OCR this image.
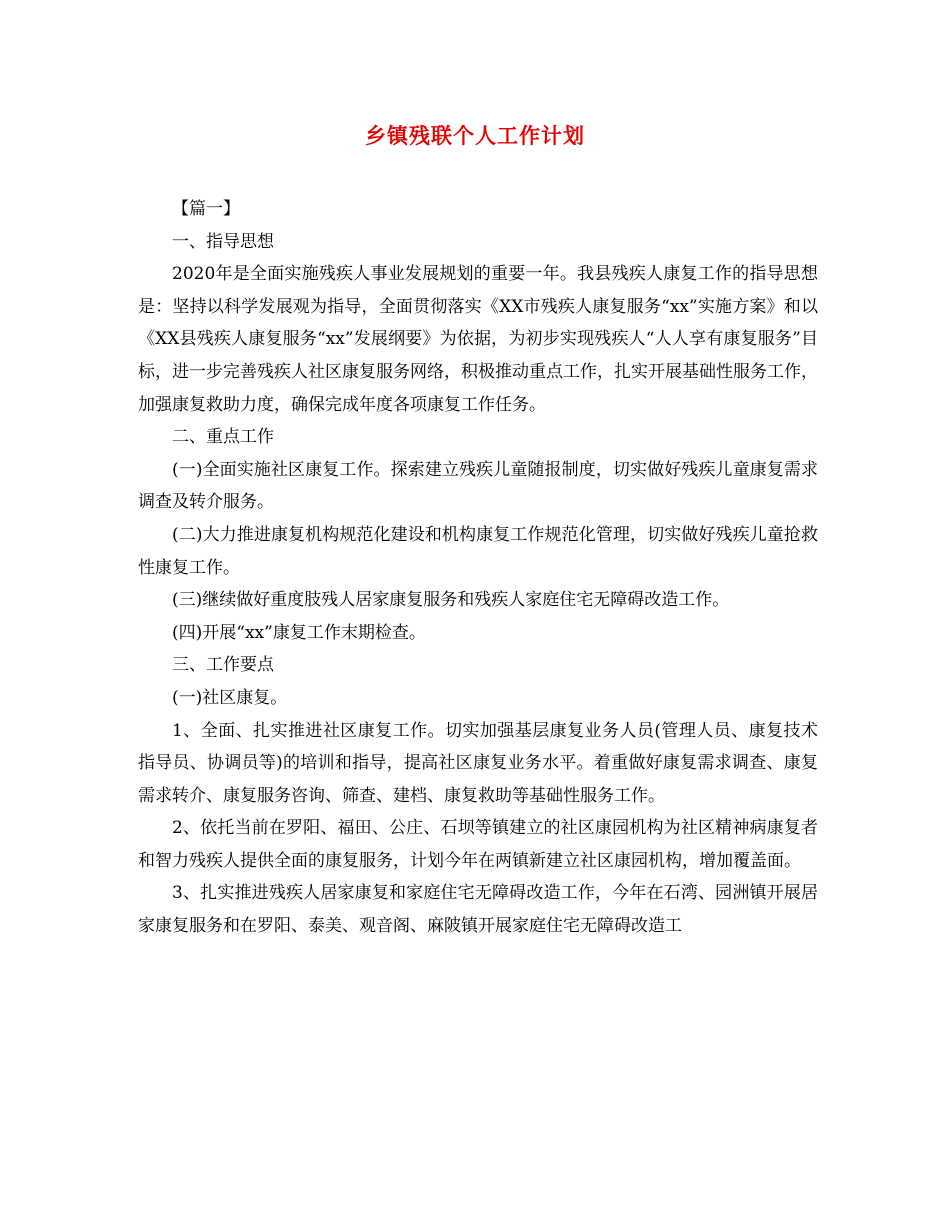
乡镇残联个人工作计划

【篇一】

一、指导思想

2020年是全面实施残疾人事业发展规划的重要一年。我县残疾人康复工作的指导思想是：坚持以科学发展观为指导，全面贯彻落实《XX市残疾人康复服务“xx”实施方案》和以《XX县残疾人康复服务“xx”发展纲要》为依据，为初步实现残疾人“人人享有康复服务”目标，进一步完善残疾人社区康复服务网络，积极推动重点工作，扎实开展基础性服务工作，加强康复救助力度，确保完成年度各项康复工作任务。

二、重点工作

(一)全面实施社区康复工作。探索建立残疾儿童随报制度，切实做好残疾儿童康复需求调查及转介服务。

(二)大力推进康复机构规范化建设和机构康复工作规范化管理，切实做好残疾儿童抢救性康复工作。

(三)继续做好重度肢残人居家康复服务和残疾人家庭住宅无障碍改造工作。

(四)开展“xx”康复工作末期检查。

三、工作要点

(一)社区康复。

1、全面、扎实推进社区康复工作。切实加强基层康复业务人员(管理人员、康复技术指导员、协调员等)的培训和指导，提高社区康复业务水平。着重做好康复需求调查、康复需求转介、康复服务咨询、筛查、建档、康复救助等基础性服务工作。

2、依托当前在罗阳、福田、公庄、石坝等镇建立的社区康园机构为社区精神病康复者和智力残疾人提供全面的康复服务，计划今年在两镇新建立社区康园机构，增加覆盖面。

3、扎实推进残疾人居家康复和家庭住宅无障碍改造工作，今年在石湾、园洲镇开展居家康复服务和在罗阳、泰美、观音阁、麻陂镇开展家庭住宅无障碍改造工
